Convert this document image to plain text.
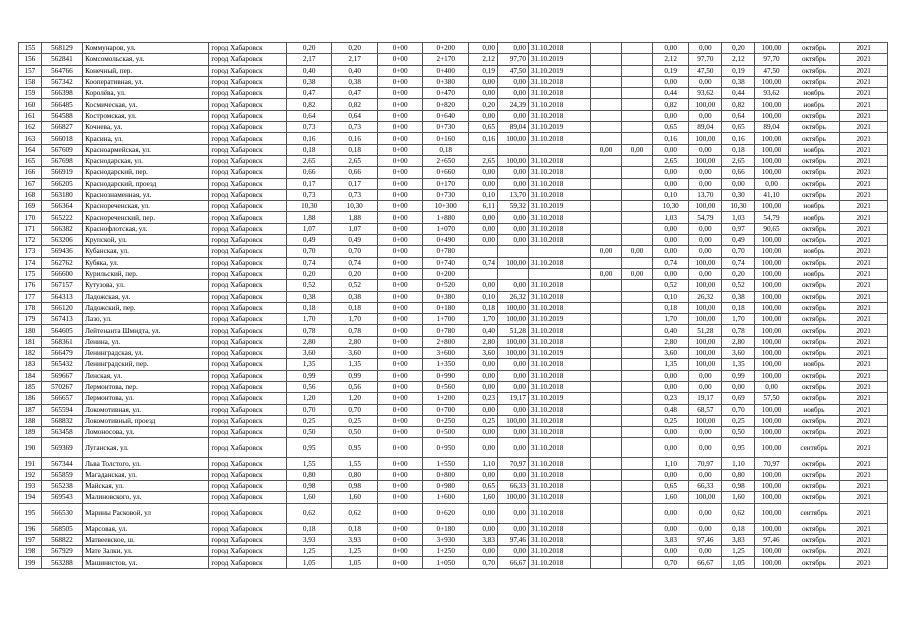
155	568129	Коммунаров, ул.	город Хабаровск	0,20	0,20	0+00	0+200	0,00	0,00	31.10.2018			0,00	0,00	0,20	100,00	октябрь	2021
156	562841	Комсомольская, ул.	город Хабаровск	2,17	2,17	0+00	2+170	2,12	97,70	31.10.2019			2,12	97,70	2,12	97,70	октябрь	2021
157	564766	Конечный, пер.	город Хабаровск	0,40	0,40	0+00	0+400	0,19	47,50	31.10.2019			0,19	47,50	0,19	47,50	октябрь	2021
158	567342	Кооперативная, ул.	город Хабаровск	0,38	0,38	0+00	0+380	0,00	0,00	31.10.2018			0,00	0,00	0,38	100,00	октябрь	2021
159	566398	Королёва, ул.	город Хабаровск	0,47	0,47	0+00	0+470	0,00	0,00	31.10.2018			0,44	93,62	0,44	93,62	ноябрь	2021
160	566485	Космическая, ул.	город Хабаровск	0,82	0,82	0+00	0+820	0,20	24,39	31.10.2018			0,82	100,00	0,82	100,00	ноябрь	2021
161	564588	Костромская, ул.	город Хабаровск	0,64	0,64	0+00	0+640	0,00	0,00	31.10.2018			0,00	0,00	0,64	100,00	октябрь	2021
162	566827	Кочнева, ул.	город Хабаровск	0,73	0,73	0+00	0+730	0,65	89,04	31.10.2019			0,65	89,04	0,65	89,04	октябрь	2021
163	566018	Красина, ул.	город Хабаровск	0,16	0,16	0+00	0+160	0,16	100,00	31.10.2018			0,16	100,00	0,16	100,00	октябрь	2021
164	567609	Красноармейская, ул.	город Хабаровск	0,18	0,18	0+00	0,18				0,00	0,00	0,00	0,00	0,18	100,00	ноябрь	2021
165	567698	Краснодарская, ул.	город Хабаровск	2,65	2,65	0+00	2+650	2,65	100,00	31.10.2018			2,65	100,00	2,65	100,00	октябрь	2021
166	566919	Краснодарский, пер.	город Хабаровск	0,66	0,66	0+00	0+660	0,00	0,00	31.10.2018			0,00	0,00	0,66	100,00	октябрь	2021
167	566205	Краснодарский, проезд	город Хабаровск	0,17	0,17	0+00	0+170	0,00	0,00	31.10.2018			0,00	0,00	0,00	0,00	октябрь	2021
168	563180	Краснознаменная, ул.	город Хабаровск	0,73	0,73	0+00	0+730	0,10	13,70	31.10.2018			0,10	13,70	0,30	41,10	октябрь	2021
169	566364	Краснореченская, ул.	город Хабаровск	10,30	10,30	0+00	10+300	6,11	59,32	31.10.2019			10,30	100,00	10,30	100,00	ноябрь	2021
170	565222	Краснореченский, пер.	город Хабаровск	1,88	1,88	0+00	1+880	0,00	0,00	31.10.2018			1,03	54,79	1,03	54,79	ноябрь	2021
171	566382	Краснофлотская, ул.	город Хабаровск	1,07	1,07	0+00	1+070	0,00	0,00	31.10.2018			0,00	0,00	0,97	90,65	октябрь	2021
172	563206	Крупской, ул.	город Хабаровск	0,49	0,49	0+00	0+490	0,00	0,00	31.10.2018			0,00	0,00	0,49	100,00	октябрь	2021
173	569436	Кубанская, ул.	город Хабаровск	0,70	0,70	0+00	0+780				0,00	0,00	0,00	0,00	0,70	100,00	ноябрь	2021
174	562762	Кубяка, ул.	город Хабаровск	0,74	0,74	0+00	0+740	0,74	100,00	31.10.2018			0,74	100,00	0,74	100,00	октябрь	2021
175	566600	Курильский, пер.	город Хабаровск	0,20	0,20	0+00	0+200				0,00	0,00	0,00	0,00	0,20	100,00	ноябрь	2021
176	567157	Кутузова, ул.	город Хабаровск	0,52	0,52	0+00	0+520	0,00	0,00	31.10.2018			0,52	100,00	0,52	100,00	октябрь	2021
177	564313	Ладожская, ул.	город Хабаровск	0,38	0,38	0+00	0+380	0,10	26,32	31.10.2018			0,10	26,32	0,38	100,00	октябрь	2021
178	566120	Ладожский, пер.	город Хабаровск	0,18	0,18	0+00	0+180	0,18	100,00	31.10.2018			0,18	100,00	0,18	100,00	октябрь	2021
179	567413	Лазо, ул.	город Хабаровск	1,70	1,70	0+00	1+700	1,70	100,00	31.10.2019			1,70	100,00	1,70	100,00	октябрь	2021
180	564605	Лейтенанта Шмидта, ул.	город Хабаровск	0,78	0,78	0+00	0+780	0,40	51,28	31.10.2018			0,40	51,28	0,78	100,00	октябрь	2021
181	568361	Ленина, ул.	город Хабаровск	2,80	2,80	0+00	2+800	2,80	100,00	31.10.2018			2,80	100,00	2,80	100,00	октябрь	2021
182	566479	Ленинградская, ул.	город Хабаровск	3,60	3,60	0+00	3+600	3,60	100,00	31.10.2019			3,60	100,00	3,60	100,00	октябрь	2021
183	565432	Ленинградский, пер.	город Хабаровск	1,35	1,35	0+00	1+350	0,00	0,00	31.10.2018			1,35	100,00	1,35	100,00	ноябрь	2021
184	569667	Ленская, ул.	город Хабаровск	0,99	0,99	0+00	0+990	0,00	0,00	31.10.2018			0,00	0,00	0,99	100,00	октябрь	2021
185	570267	Лермонтова, пер.	город Хабаровск	0,56	0,56	0+00	0+560	0,00	0,00	31.10.2018			0,00	0,00	0,00	0,00	октябрь	2021
186	566657	Лермонтова, ул.	город Хабаровск	1,20	1,20	0+00	1+200	0,23	19,17	31.10.2019			0,23	19,17	0,69	57,50	октябрь	2021
187	565594	Локомотивная, ул.	город Хабаровск	0,70	0,70	0+00	0+700	0,00	0,00	31.10.2018			0,48	68,57	0,70	100,00	ноябрь	2021
188	568832	Локомотивный, проезд	город Хабаровск	0,25	0,25	0+00	0+250	0,25	100,00	31.10.2018			0,25	100,00	0,25	100,00	октябрь	2021
189	563458	Ломоносова, ул.	город Хабаровск	0,50	0,50	0+00	0+500	0,00	0,00	31.10.2018			0,00	0,00	0,50	100,00	октябрь	2021
190	569369	Луганская, ул.	город Хабаровск	0,95	0,95	0+00	0+950	0,00	0,00	31.10.2018			0,00	0,00	0,95	100,00	сентябрь	2021
191	567344	Льва Толстого, ул.	город Хабаровск	1,55	1,55	0+00	1+550	1,10	70,97	31.10.2018			1,10	70,97	1,10	70,97	октябрь	2021
192	565859	Магаданская, ул.	город Хабаровск	0,80	0,80	0+00	0+800	0,00	0,00	31.10.2018			0,00	0,00	0,80	100,00	октябрь	2021
193	565238	Майская, ул.	город Хабаровск	0,98	0,98	0+00	0+980	0,65	66,33	31.10.2018			0,65	66,33	0,98	100,00	октябрь	2021
194	569543	Малиновского, ул.	город Хабаровск	1,60	1,60	0+00	1+600	1,60	100,00	31.10.2018			1,60	100,00	1,60	100,00	октябрь	2021
195	566530	Марины Расковой, ул	город Хабаровск	0,62	0,62	0+00	0+620	0,00	0,00	31.10.2018			0,00	0,00	0,62	100,00	сентябрь	2021
196	568505	Марсовая, ул.	город Хабаровск	0,18	0,18	0+00	0+180	0,00	0,00	31.10.2018			0,00	0,00	0,18	100,00	октябрь	2021
197	568822	Матвеевское, ш.	город Хабаровск	3,93	3,93	0+00	3+930	3,83	97,46	31.10.2018			3,83	97,46	3,83	97,46	октябрь	2021
198	567929	Мате Залки, ул.	город Хабаровск	1,25	1,25	0+00	1+250	0,00	0,00	31.10.2018			0,00	0,00	1,25	100,00	октябрь	2021
199	563288	Машинистов, ул.	город Хабаровск	1,05	1,05	0+00	1+050	0,70	66,67	31.10.2018			0,70	66,67	1,05	100,00	октябрь	2021
